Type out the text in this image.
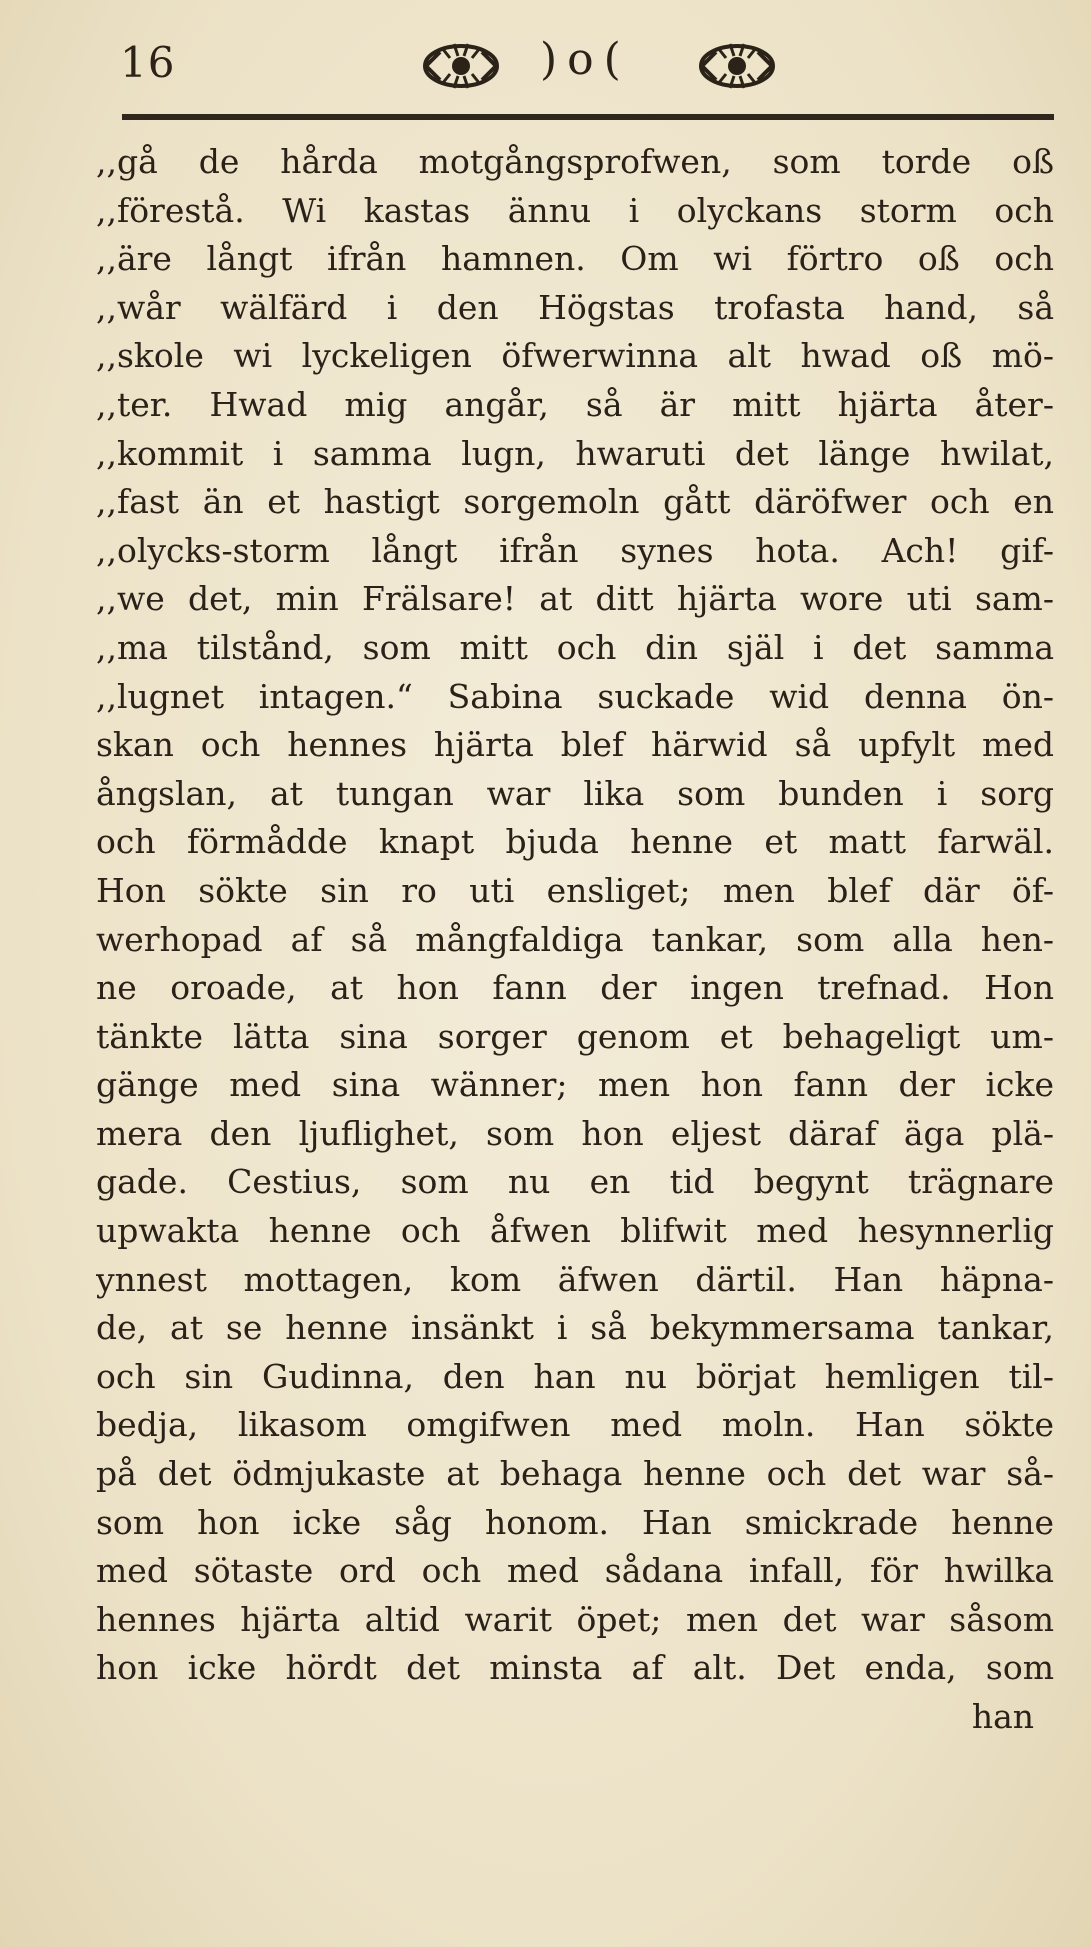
16	)o(
,,gå de hårda motgångsprofwen, som torde oß
,,förestå. Wi kastas ännu i olyckans storm och
,,äre långt ifrån hamnen. Om wi förtro oß och
,,wår wälfärd i den Högstas trofasta hand, så
,,skole wi lyckeligen öfwerwinna alt hwad oß mö-
,,ter. Hwad mig angår, så är mitt hjärta åter-
,,kommit i samma lugn, hwaruti det länge hwilat,
,,fast än et hastigt sorgemoln gått däröfwer och en
,,olycks-storm långt ifrån synes hota. Ach! gif-
,,we det, min Frälsare! at ditt hjärta wore uti sam-
,,ma tilstånd, som mitt och din själ i det samma
,,lugnet intagen.“ Sabina suckade wid denna ön-
skan och hennes hjärta blef härwid så upfylt med
ångslan, at tungan war lika som bunden i sorg
och förmådde knapt bjuda henne et matt farwäl.
Hon sökte sin ro uti ensliget; men blef där öf-
werhopad af så mångfaldiga tankar, som alla hen-
ne oroade, at hon fann der ingen trefnad. Hon
tänkte lätta sina sorger genom et behageligt um-
gänge med sina wänner; men hon fann der icke
mera den ljuflighet, som hon eljest däraf äga plä-
gade. Cestius, som nu en tid begynt trägnare
upwakta henne och åfwen blifwit med hesynnerlig
ynnest mottagen, kom äfwen därtil. Han häpna-
de, at se henne insänkt i så bekymmersama tankar,
och sin Gudinna, den han nu börjat hemligen til-
bedja, likasom omgifwen med moln. Han sökte
på det ödmjukaste at behaga henne och det war så-
som hon icke såg honom. Han smickrade henne
med sötaste ord och med sådana infall, för hwilka
hennes hjärta altid warit öpet; men det war såsom
hon icke hördt det minsta af alt. Det enda, som
han
